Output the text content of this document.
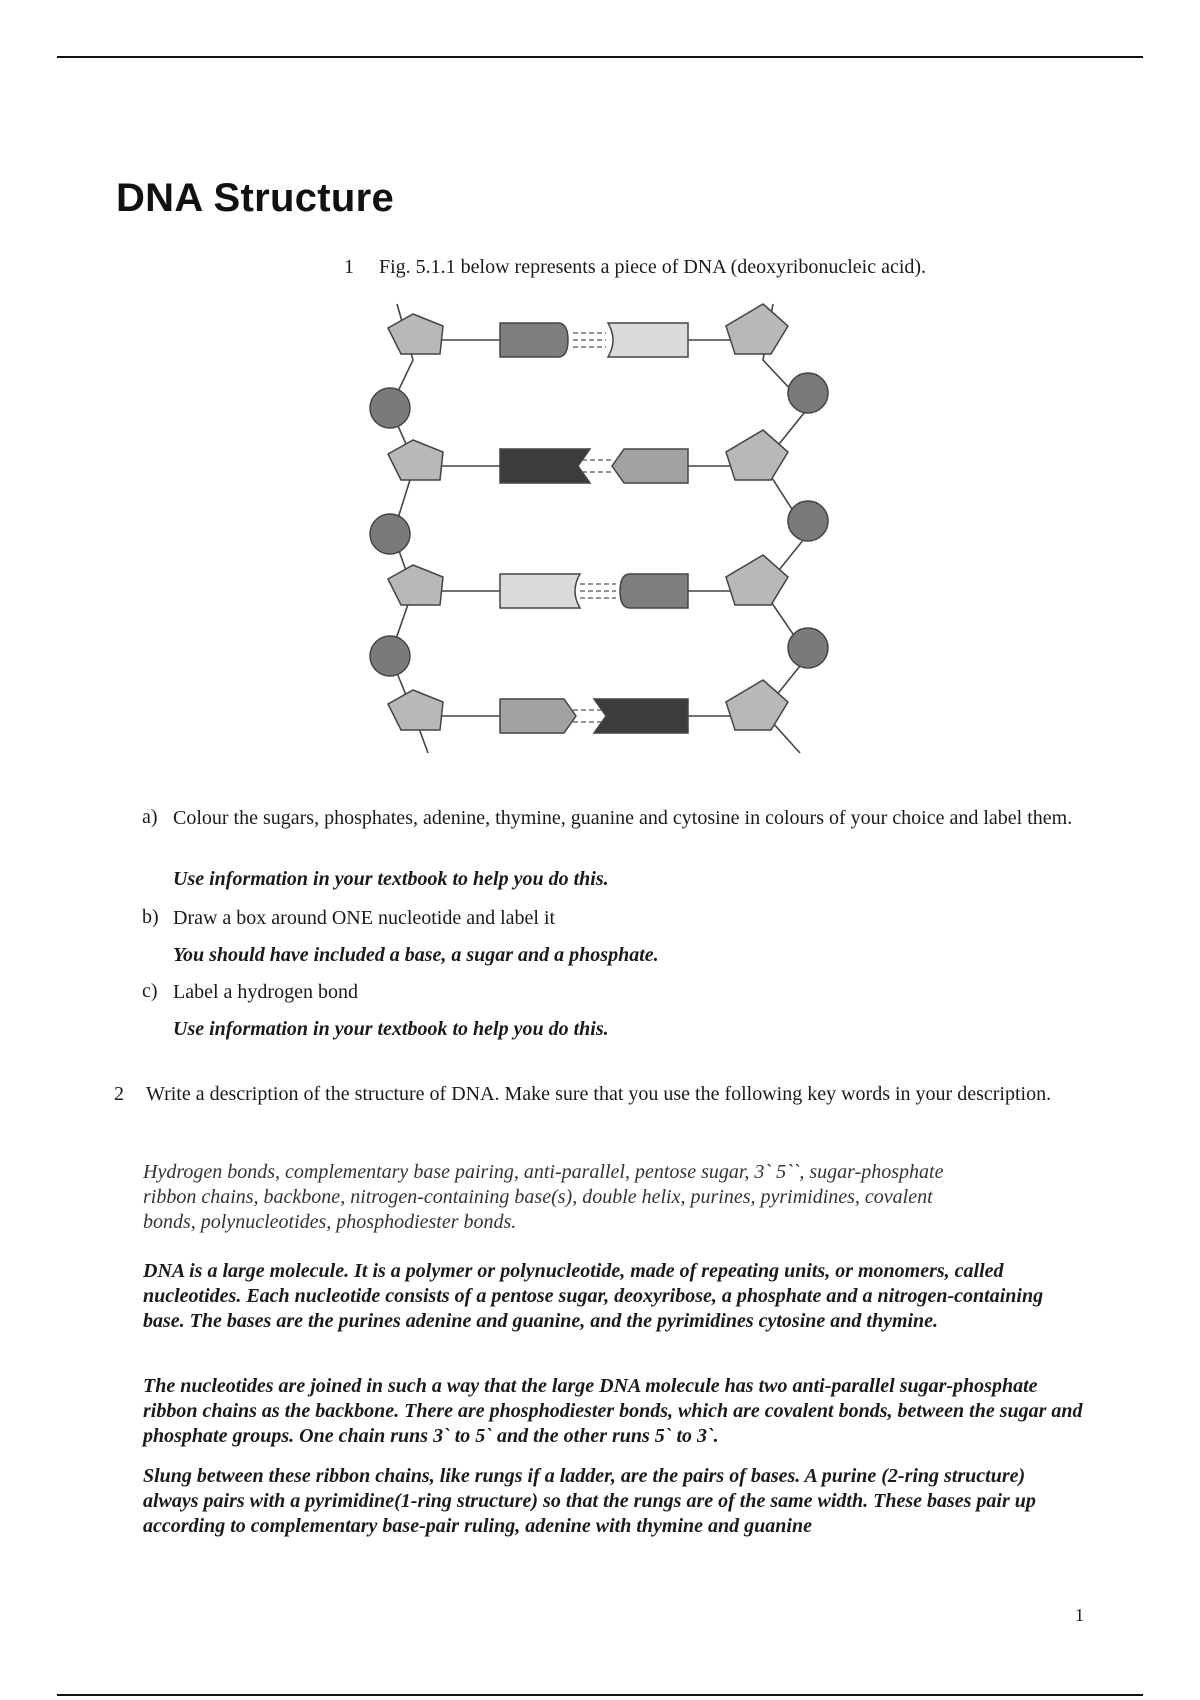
DNA Structure
1 Fig. 5.1.1 below represents a piece of DNA (deoxyribonucleic acid).
a) Colour the sugars, phosphates, adenine, thymine, guanine and cytosine in colours of your choice and label them.
b) Draw a box around ONE nucleotide and label it
c) Label a hydrogen bond
Use information in your textbook to help you do this.
You should have included a base, a sugar and a phosphate.
Use information in your textbook to help you do this.
2 Write a description of the structure of DNA. Make sure that you use the following key words in your description.
Hydrogen bonds, complementary base pairing, anti-parallel, pentose sugar, 3` 5``, sugar-phosphate ribbon chains, backbone, nitrogen-containing base(s), double helix, purines, pyrimidines, covalent bonds, polynucleotides, phosphodiester bonds.

DNA is a large molecule. It is a polymer or polynucleotide, made of repeating units, or monomers, called nucleotides. Each nucleotide consists of a pentose sugar, deoxyribose, a phosphate and a nitrogen-containing base. The bases are the purines adenine and guanine, and the pyrimidines cytosine and thymine.

The nucleotides are joined in such a way that the large DNA molecule has two anti-parallel sugar-phosphate ribbon chains as the backbone. There are phosphodiester bonds, which are covalent bonds, between the sugar and phosphate groups. One chain runs 3` to 5` and the other runs 5` to 3`.

Slung between these ribbon chains, like rungs if a ladder, are the pairs of bases. A purine (2-ring structure) always pairs with a pyrimidine(1-ring structure) so that the rungs are of the same width. These bases pair up according to complementary base-pair ruling, adenine with thymine and guanine

1
